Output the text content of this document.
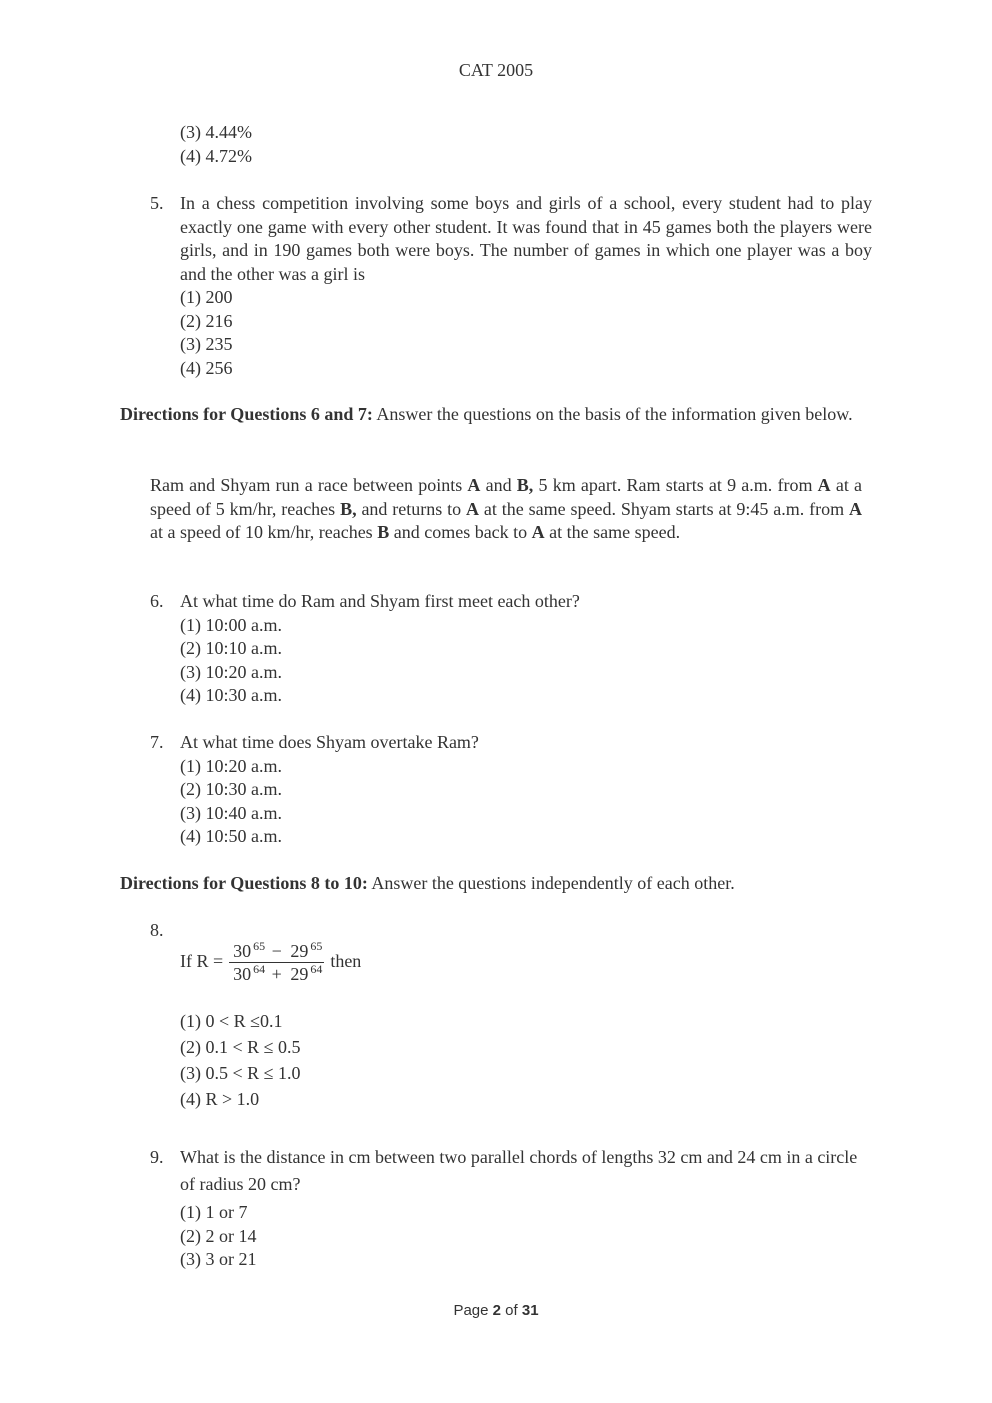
CAT 2005
(3) 4.44%
(4) 4.72%
5. In a chess competition involving some boys and girls of a school, every student had to play exactly one game with every other student. It was found that in 45 games both the players were girls, and in 190 games both were boys. The number of games in which one player was a boy and the other was a girl is
(1) 200
(2) 216
(3) 235
(4) 256
Directions for Questions 6 and 7: Answer the questions on the basis of the information given below.
Ram and Shyam run a race between points A and B, 5 km apart. Ram starts at 9 a.m. from A at a speed of 5 km/hr, reaches B, and returns to A at the same speed. Shyam starts at 9:45 a.m. from A at a speed of 10 km/hr, reaches B and comes back to A at the same speed.
6. At what time do Ram and Shyam first meet each other?
(1) 10:00 a.m.
(2) 10:10 a.m.
(3) 10:20 a.m.
(4) 10:30 a.m.
7. At what time does Shyam overtake Ram?
(1) 10:20 a.m.
(2) 10:30 a.m.
(3) 10:40 a.m.
(4) 10:50 a.m.
Directions for Questions 8 to 10: Answer the questions independently of each other.
8.
If $R = \frac{30 ^{65} - 29 ^{65}}{30 ^{64} + 29 ^{64}}$ then
(1) 0 < R ≤0.1
(2) 0.1 < R ≤ 0.5
(3) 0.5 < R ≤ 1.0
(4) R > 1.0
9. What is the distance in cm between two parallel chords of lengths 32 cm and 24 cm in a circle of radius 20 cm?
(1) 1 or 7
(2) 2 or 14
(3) 3 or 21
Page 2 of 31
